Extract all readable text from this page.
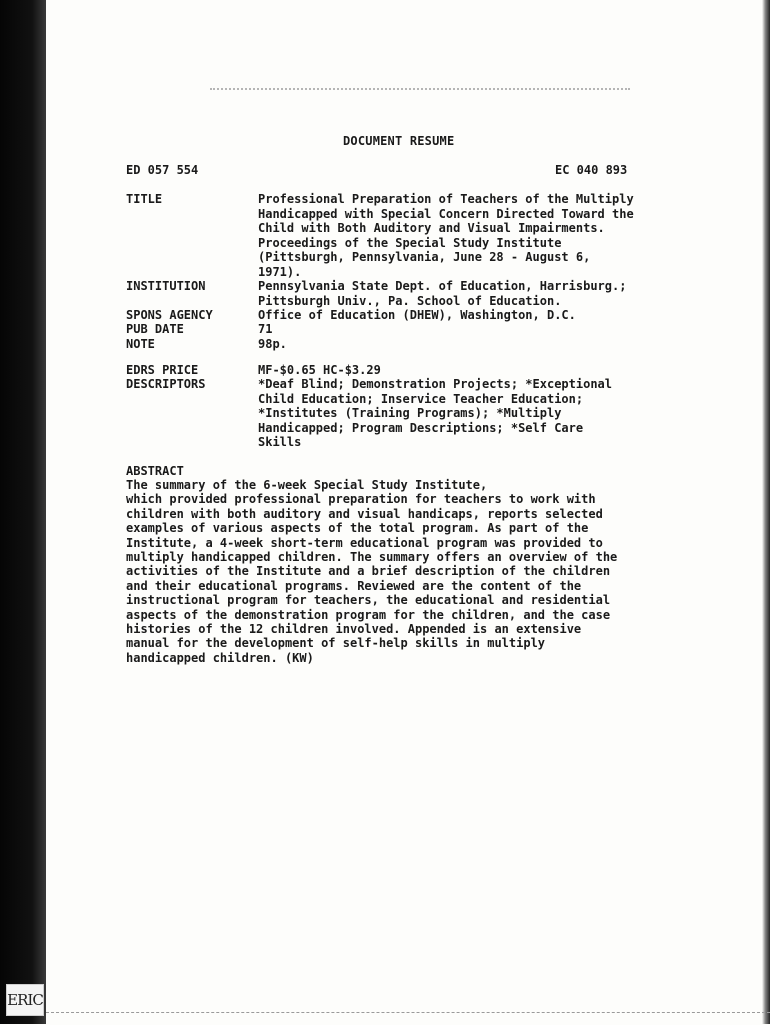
DOCUMENT RESUME
ED 057 554	EC 040 893
TITLE	Professional Preparation of Teachers of the Multiply
Handicapped with Special Concern Directed Toward the
Child with Both Auditory and Visual Impairments.
Proceedings of the Special Study Institute
(Pittsburgh, Pennsylvania, June 28 - August 6,
1971).
INSTITUTION	Pennsylvania State Dept. of Education, Harrisburg.;
Pittsburgh Univ., Pa. School of Education.
SPONS AGENCY	Office of Education (DHEW), Washington, D.C.
PUB DATE	71
NOTE	98p.
EDRS PRICE	MF-$0.65 HC-$3.29
DESCRIPTORS	*Deaf Blind; Demonstration Projects; *Exceptional
Child Education; Inservice Teacher Education;
*Institutes (Training Programs); *Multiply
Handicapped; Program Descriptions; *Self Care
Skills
ABSTRACT
The summary of the 6-week Special Study Institute,
which provided professional preparation for teachers to work with
children with both auditory and visual handicaps, reports selected
examples of various aspects of the total program. As part of the
Institute, a 4-week short-term educational program was provided to
multiply handicapped children. The summary offers an overview of the
activities of the Institute and a brief description of the children
and their educational programs. Reviewed are the content of the
instructional program for teachers, the educational and residential
aspects of the demonstration program for the children, and the case
histories of the 12 children involved. Appended is an extensive
manual for the development of self-help skills in multiply
handicapped children. (KW)
ERIC
